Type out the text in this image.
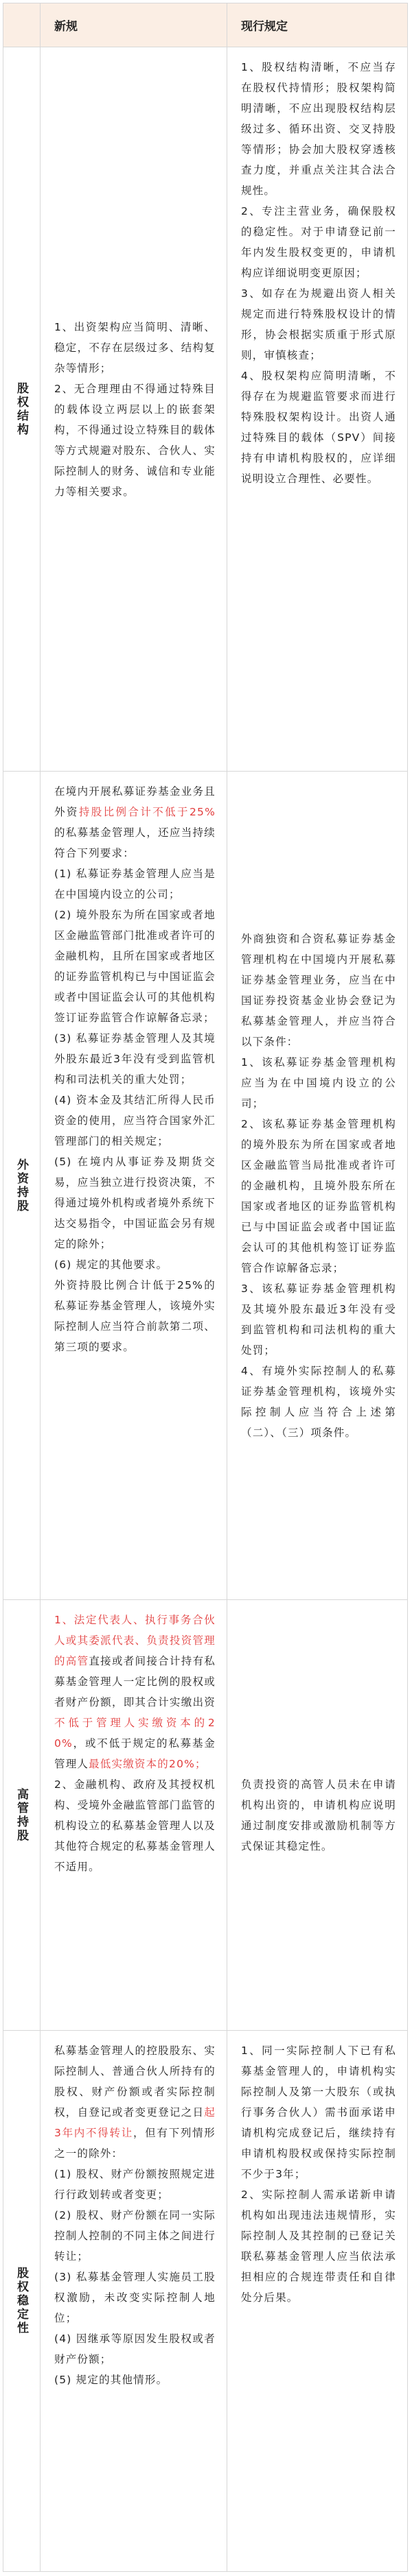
新规	现行规定
股权结构

1、出资架构应当简明、清晰、稳定，不存在层级过多、结构复杂等情形；

2、无合理理由不得通过特殊目的载体设立两层以上的嵌套架构，不得通过设立特殊目的载体等方式规避对股东、合伙人、实际控制人的财务、诚信和专业能力等相关要求。

1、股权结构清晰，不应当存在股权代持情形；股权架构简明清晰，不应出现股权结构层级过多、循环出资、交叉持股等情形；协会加大股权穿透核查力度，并重点关注其合法合规性。

2、专注主营业务，确保股权的稳定性。对于申请登记前一年内发生股权变更的，申请机构应详细说明变更原因；

3、如存在为规避出资人相关规定而进行特殊股权设计的情形，协会根据实质重于形式原则，审慎核查；

4、股权架构应简明清晰，不得存在为规避监管要求而进行特殊股权架构设计。出资人通过特殊目的载体（SPV）间接持有申请机构股权的，应详细说明设立合理性、必要性。

外资持股

在境内开展私募证券基金业务且外资持股比例合计不低于25%的私募基金管理人，还应当持续符合下列要求：

(1) 私募证券基金管理人应当是在中国境内设立的公司；

(2) 境外股东为所在国家或者地区金融监管部门批准或者许可的金融机构，且所在国家或者地区的证券监管机构已与中国证监会或者中国证监会认可的其他机构签订证券监管合作谅解备忘录；

(3) 私募证券基金管理人及其境外股东最近3年没有受到监管机构和司法机关的重大处罚；

(4) 资本金及其结汇所得人民币资金的使用，应当符合国家外汇管理部门的相关规定；

(5) 在境内从事证券及期货交易，应当独立进行投资决策，不得通过境外机构或者境外系统下达交易指令，中国证监会另有规定的除外；

(6) 规定的其他要求。

外资持股比例合计低于25%的私募证券基金管理人，该境外实际控制人应当符合前款第二项、第三项的要求。

外商独资和合资私募证券基金管理机构在中国境内开展私募证券基金管理业务，应当在中国证券投资基金业协会登记为私募基金管理人，并应当符合以下条件：

1、该私募证券基金管理机构应当为在中国境内设立的公司；

2、该私募证券基金管理机构的境外股东为所在国家或者地区金融监管当局批准或者许可的金融机构，且境外股东所在国家或者地区的证券监管机构已与中国证监会或者中国证监会认可的其他机构签订证券监管合作谅解备忘录；

3、该私募证券基金管理机构及其境外股东最近3年没有受到监管机构和司法机构的重大处罚；

4、有境外实际控制人的私募证券基金管理机构，该境外实际控制人应当符合上述第（二）、（三）项条件。

高管持股

1、法定代表人、执行事务合伙人或其委派代表、负责投资管理的高管直接或者间接合计持有私募基金管理人一定比例的股权或者财产份额，即其合计实缴出资不低于管理人实缴资本的20%，或不低于规定的私募基金管理人最低实缴资本的20%；

2、金融机构、政府及其授权机构、受境外金融监管部门监管的机构设立的私募基金管理人以及其他符合规定的私募基金管理人不适用。

负责投资的高管人员未在申请机构出资的，申请机构应说明通过制度安排或激励机制等方式保证其稳定性。

股权稳定性

私募基金管理人的控股股东、实际控制人、普通合伙人所持有的股权、财产份额或者实际控制权，自登记或者变更登记之日起3年内不得转让，但有下列情形之一的除外：

(1) 股权、财产份额按照规定进行行政划转或者变更；

(2) 股权、财产份额在同一实际控制人控制的不同主体之间进行转让；

(3) 私募基金管理人实施员工股权激励，未改变实际控制人地位；

(4) 因继承等原因发生股权或者财产份额；

(5) 规定的其他情形。

1、同一实际控制人下已有私募基金管理人的，申请机构实际控制人及第一大股东（或执行事务合伙人）需书面承诺申请机构完成登记后，继续持有申请机构股权或保持实际控制不少于3年；

2、实际控制人需承诺新申请机构如出现违法违规情形，实际控制人及其控制的已登记关联私募基金管理人应当依法承担相应的合规连带责任和自律处分后果。
